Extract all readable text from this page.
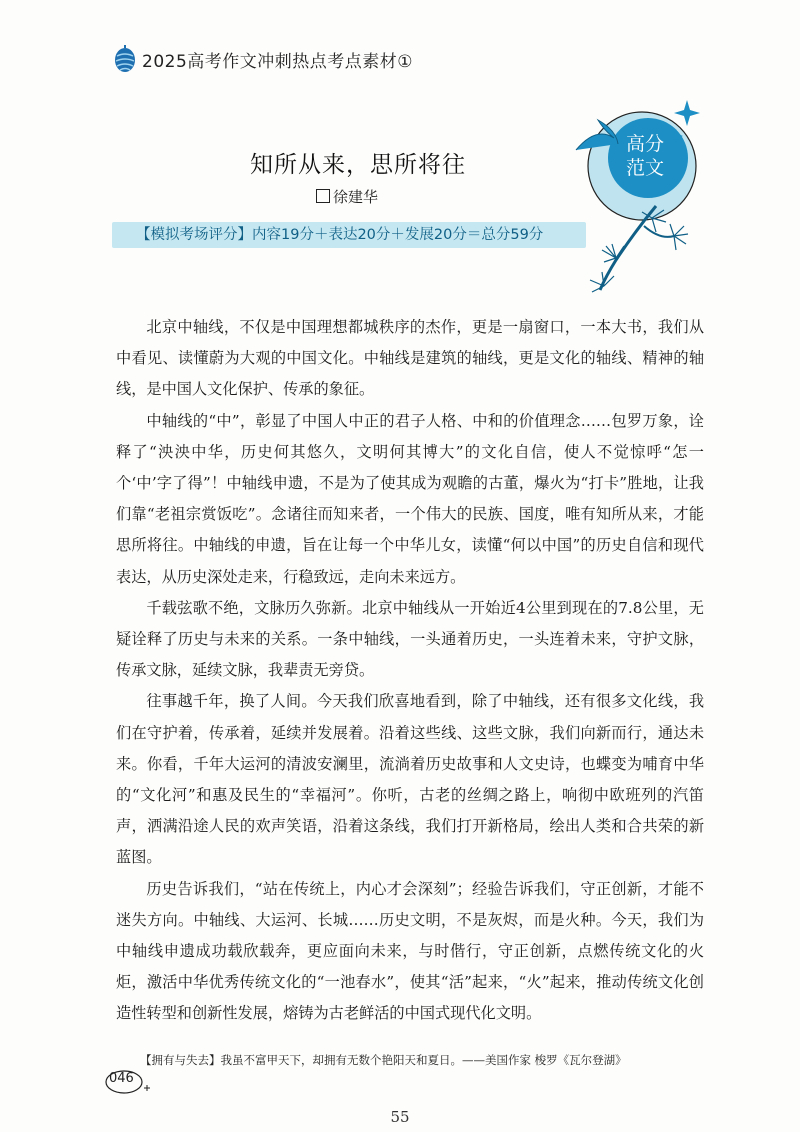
2025高考作文冲刺热点考点素材①
高分
范文
知所从来，思所将往
徐建华
【模拟考场评分】内容19分＋表达20分＋发展20分＝总分59分

北京中轴线，不仅是中国理想都城秩序的杰作，更是一扇窗口，一本大书，我们从中看见、读懂蔚为大观的中国文化。中轴线是建筑的轴线，更是文化的轴线、精神的轴线，是中国人文化保护、传承的象征。

中轴线的“中”，彰显了中国人中正的君子人格、中和的价值理念……包罗万象，诠释了“泱泱中华，历史何其悠久，文明何其博大”的文化自信，使人不觉惊呼“怎一个‘中’字了得”！中轴线申遗，不是为了使其成为观瞻的古董，爆火为“打卡”胜地，让我们靠“老祖宗赏饭吃”。念诸往而知来者，一个伟大的民族、国度，唯有知所从来，才能思所将往。中轴线的申遗，旨在让每一个中华儿女，读懂“何以中国”的历史自信和现代表达，从历史深处走来，行稳致远，走向未来远方。

千载弦歌不绝，文脉历久弥新。北京中轴线从一开始近4公里到现在的7.8公里，无疑诠释了历史与未来的关系。一条中轴线，一头通着历史，一头连着未来，守护文脉，传承文脉，延续文脉，我辈责无旁贷。

往事越千年，换了人间。今天我们欣喜地看到，除了中轴线，还有很多文化线，我们在守护着，传承着，延续并发展着。沿着这些线、这些文脉，我们向新而行，通达未来。你看，千年大运河的清波安澜里，流淌着历史故事和人文史诗，也蝶变为哺育中华的“文化河”和惠及民生的“幸福河”。你听，古老的丝绸之路上，响彻中欧班列的汽笛声，洒满沿途人民的欢声笑语，沿着这条线，我们打开新格局，绘出人类和合共荣的新蓝图。

历史告诉我们，“站在传统上，内心才会深刻”；经验告诉我们，守正创新，才能不迷失方向。中轴线、大运河、长城……历史文明，不是灰烬，而是火种。今天，我们为中轴线申遗成功载欣载奔，更应面向未来，与时偕行，守正创新，点燃传统文化的火炬，激活中华优秀传统文化的“一池春水”，使其“活”起来，“火”起来，推动传统文化创造性转型和创新性发展，熔铸为古老鲜活的中国式现代化文明。

【拥有与失去】我虽不富甲天下，却拥有无数个艳阳天和夏日。——美国作家 梭罗《瓦尔登湖》
046
55
